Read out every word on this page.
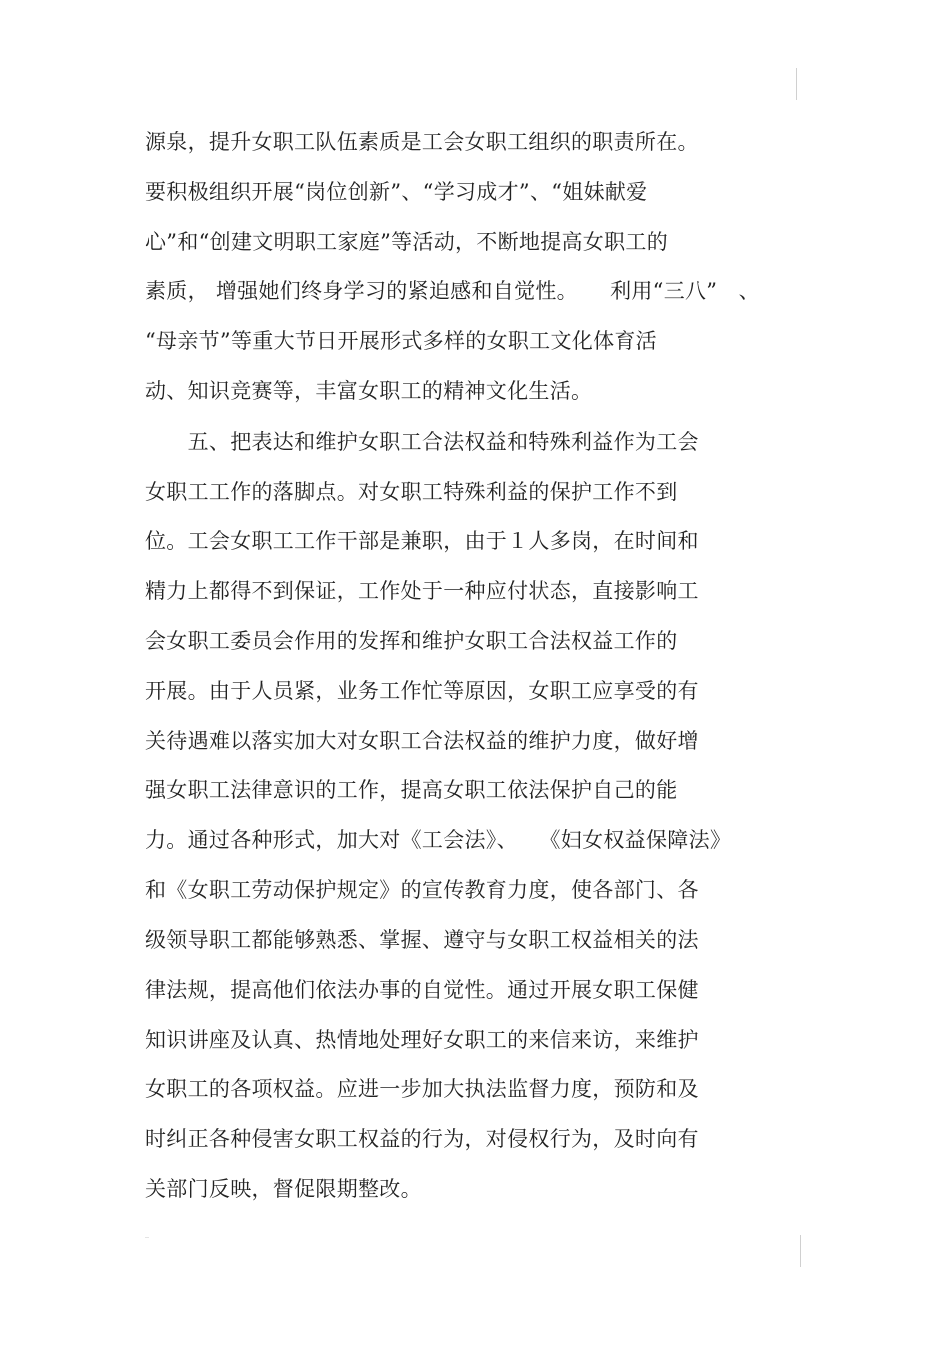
源泉，提升女职工队伍素质是工会女职工组织的职责所在。
要积极组织开展“岗位创新”、“学习成才”、“姐妹献爱
心”和“创建文明职工家庭”等活动，不断地提高女职工的
素质， 增强她们终身学习的紧迫感和自觉性。　　利用“三八”　、
“母亲节”等重大节日开展形式多样的女职工文化体育活
动、知识竞赛等，丰富女职工的精神文化生活。
　　五、把表达和维护女职工合法权益和特殊利益作为工会
女职工工作的落脚点。对女职工特殊利益的保护工作不到
位。工会女职工工作干部是兼职，由于１人多岗，在时间和
精力上都得不到保证，工作处于一种应付状态，直接影响工
会女职工委员会作用的发挥和维护女职工合法权益工作的
开展。由于人员紧，业务工作忙等原因，女职工应享受的有
关待遇难以落实加大对女职工合法权益的维护力度，做好增
强女职工法律意识的工作，提高女职工依法保护自己的能
力。通过各种形式，加大对《工会法》、　　《妇女权益保障法》
和《女职工劳动保护规定》的宣传教育力度，使各部门、各
级领导职工都能够熟悉、掌握、遵守与女职工权益相关的法
律法规，提高他们依法办事的自觉性。通过开展女职工保健
知识讲座及认真、热情地处理好女职工的来信来访，来维护
女职工的各项权益。应进一步加大执法监督力度，预防和及
时纠正各种侵害女职工权益的行为，对侵权行为，及时向有
关部门反映，督促限期整改。
